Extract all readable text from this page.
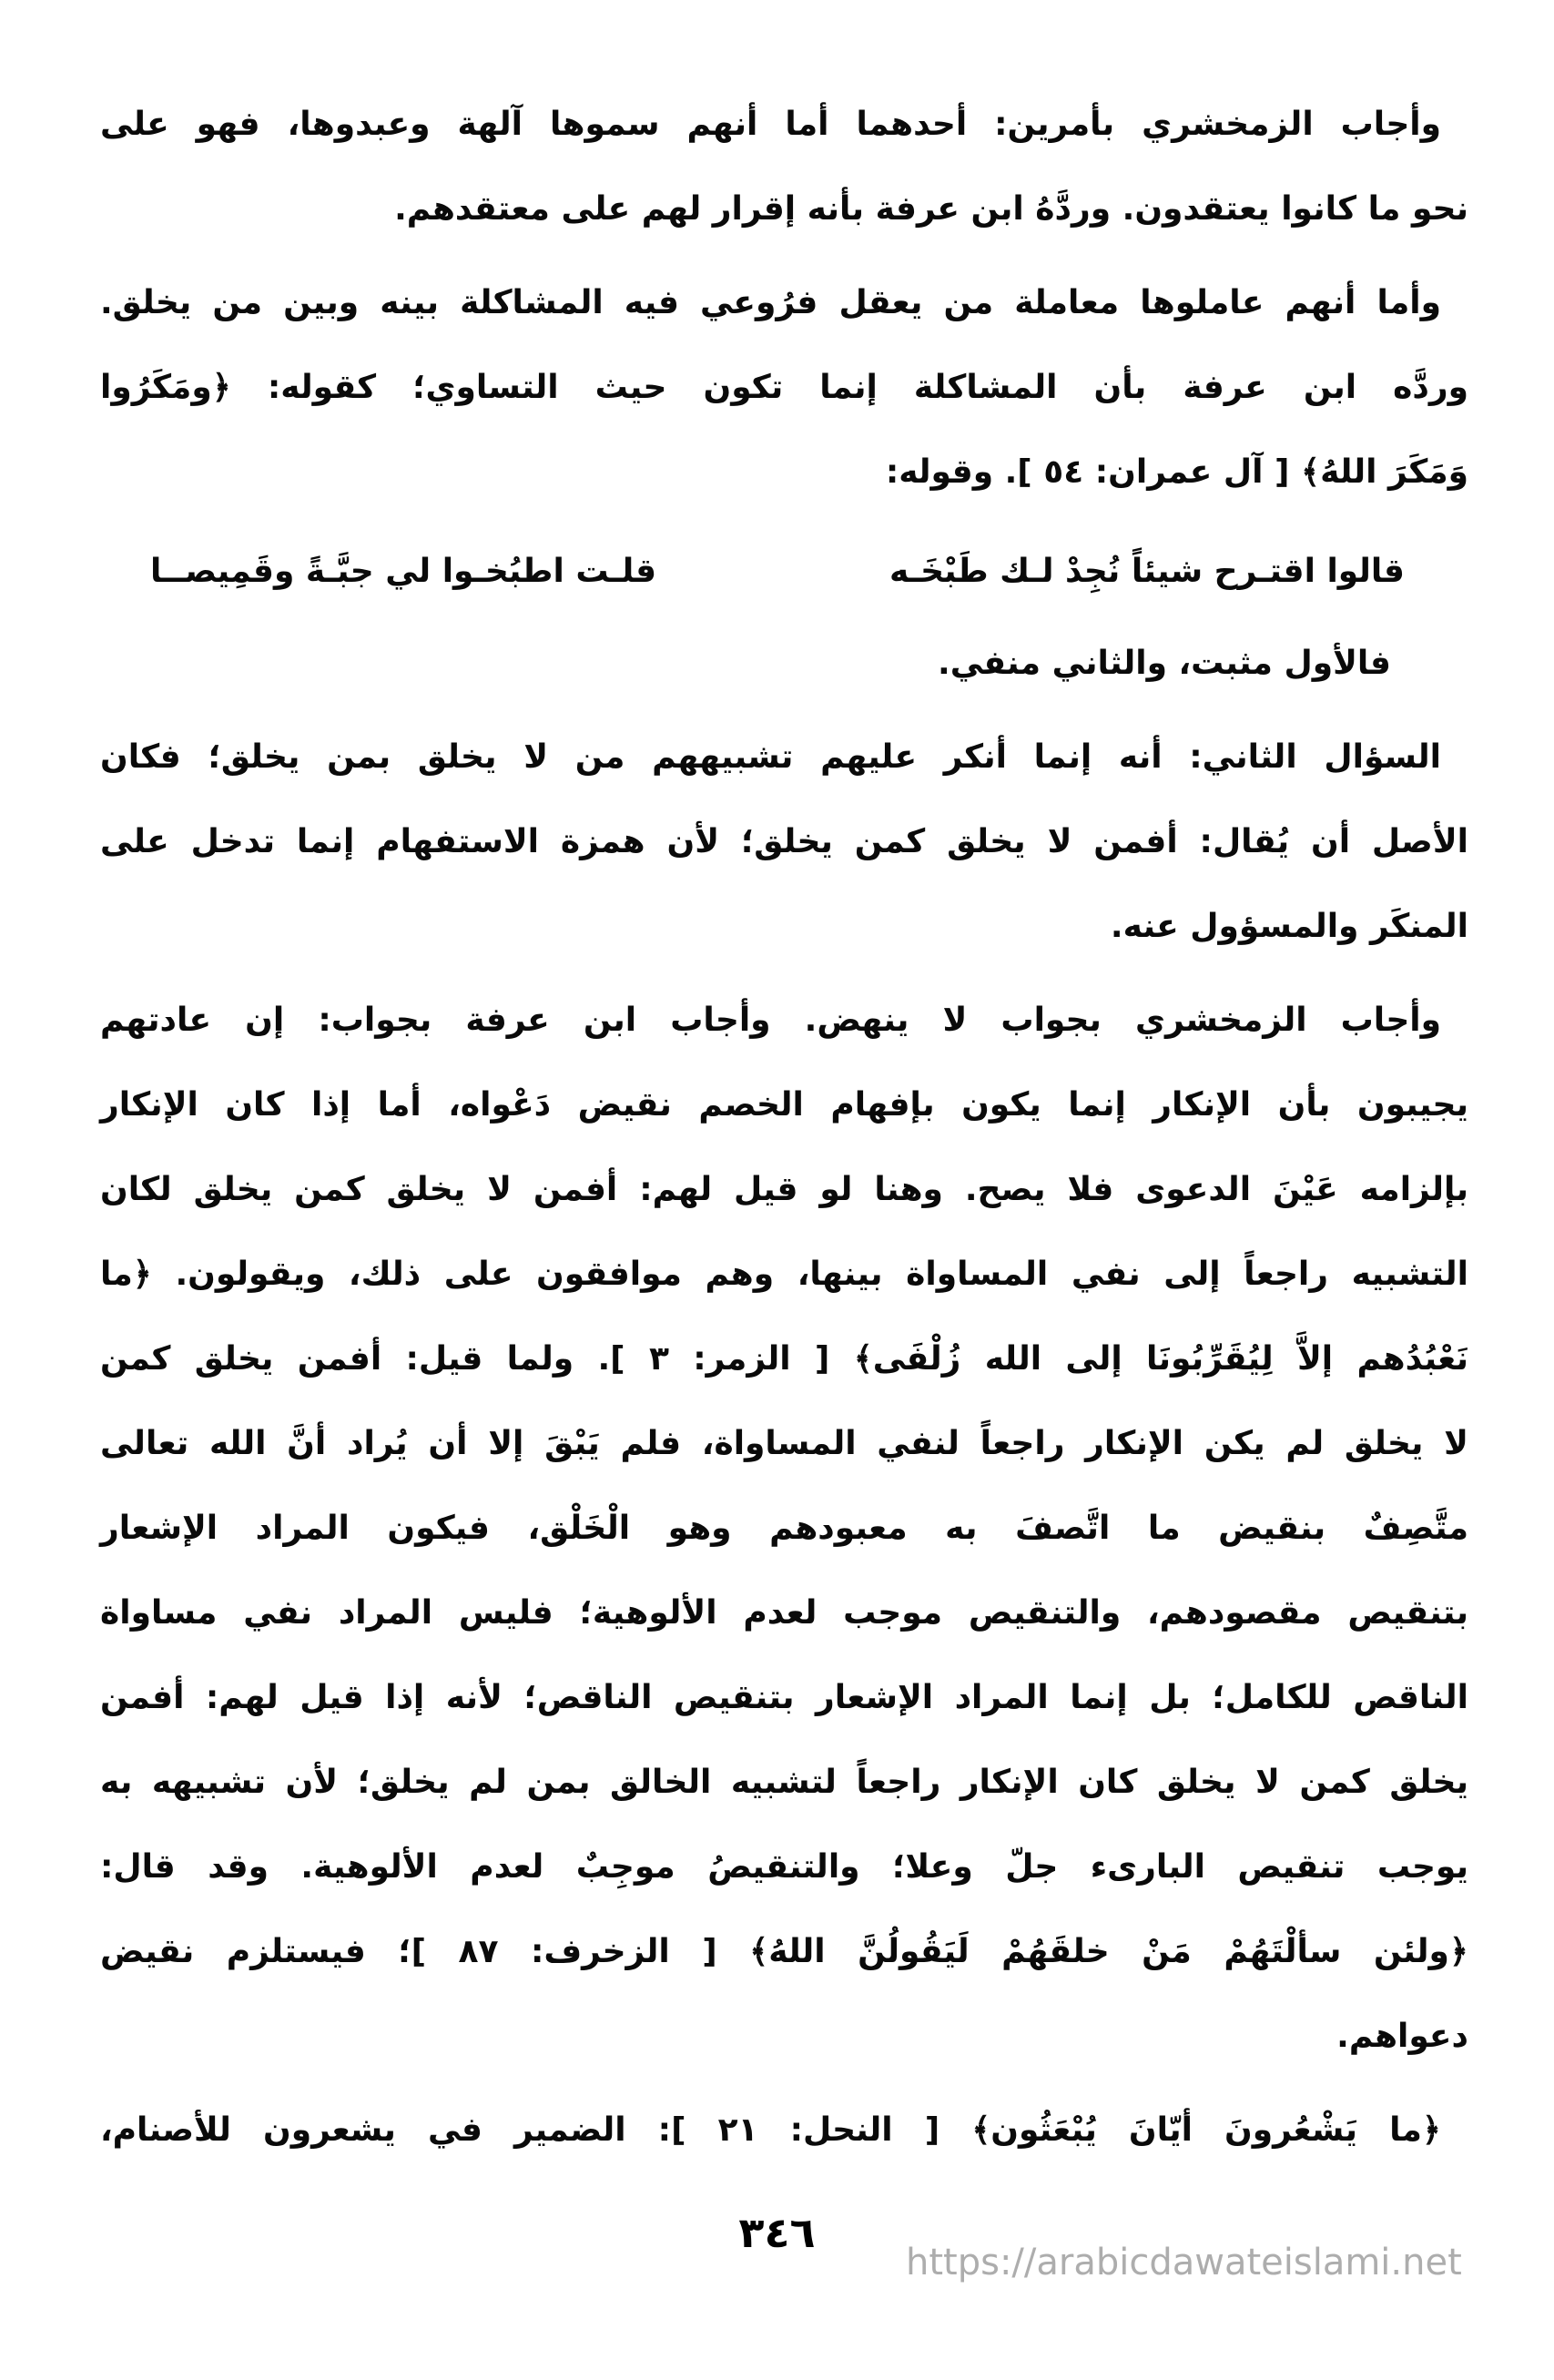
وأجاب الزمخشري بأمرين: أحدهما أما أنهم سموها آلهة وعبدوها، فهو على
نحو ما كانوا يعتقدون. وردَّهُ ابن عرفة بأنه إقرار لهم على معتقدهم.
وأما أنهم عاملوها معاملة من يعقل فرُوعي فيه المشاكلة بينه وبين من يخلق.
وردَّه ابن عرفة بأن المشاكلة إنما تكون حيث التساوي؛ كقوله: ﴿ومَكَرُوا
وَمَكَرَ اللهُ﴾ [ آل عمران: ٥٤ ]. وقوله:
قالوا اقتـرح شيئاً نُجِدْ لـك طَبْخَـه
قلـت اطبُخـوا لي جبَّـةً وقَمِيصــا
فالأول مثبت، والثاني منفي.
السؤال الثاني: أنه إنما أنكر عليهم تشبيههم من لا يخلق بمن يخلق؛ فكان
الأصل أن يُقال: أفمن لا يخلق كمن يخلق؛ لأن همزة الاستفهام إنما تدخل على
المنكَر والمسؤول عنه.
وأجاب الزمخشري بجواب لا ينهض. وأجاب ابن عرفة بجواب: إن عادتهم
يجيبون بأن الإنكار إنما يكون بإفهام الخصم نقيض دَعْواه، أما إذا كان الإنكار
بإلزامه عَيْنَ الدعوى فلا يصح. وهنا لو قيل لهم: أفمن لا يخلق كمن يخلق لكان
التشبيه راجعاً إلى نفي المساواة بينها، وهم موافقون على ذلك، ويقولون. ﴿ما
نَعْبُدُهم إلاَّ لِيُقَرِّبُونَا إلى الله زُلْفَى﴾ [ الزمر: ٣ ]. ولما قيل: أفمن يخلق كمن
لا يخلق لم يكن الإنكار راجعاً لنفي المساواة، فلم يَبْقَ إلا أن يُراد أنَّ الله تعالى
متَّصِفٌ بنقيض ما اتَّصفَ به معبودهم وهو الْخَلْق، فيكون المراد الإشعار
بتنقيص مقصودهم، والتنقيص موجب لعدم الألوهية؛ فليس المراد نفي مساواة
الناقص للكامل؛ بل إنما المراد الإشعار بتنقيص الناقص؛ لأنه إذا قيل لهم: أفمن
يخلق كمن لا يخلق كان الإنكار راجعاً لتشبيه الخالق بمن لم يخلق؛ لأن تشبيهه به
يوجب تنقيص البارىء جلّ وعلا؛ والتنقيصُ موجِبٌ لعدم الألوهية. وقد قال:
﴿ولئن سألْتَهُمْ مَنْ خلقَهُمْ لَيَقُولُنَّ اللهُ﴾ [ الزخرف: ٨٧ ]؛ فيستلزم نقيض
دعواهم.
﴿ما يَشْعُرونَ أيّانَ يُبْعَثُون﴾ [ النحل: ٢١ ]: الضمير في يشعرون للأصنام،
٣٤٦
https://arabicdawateislami.net
